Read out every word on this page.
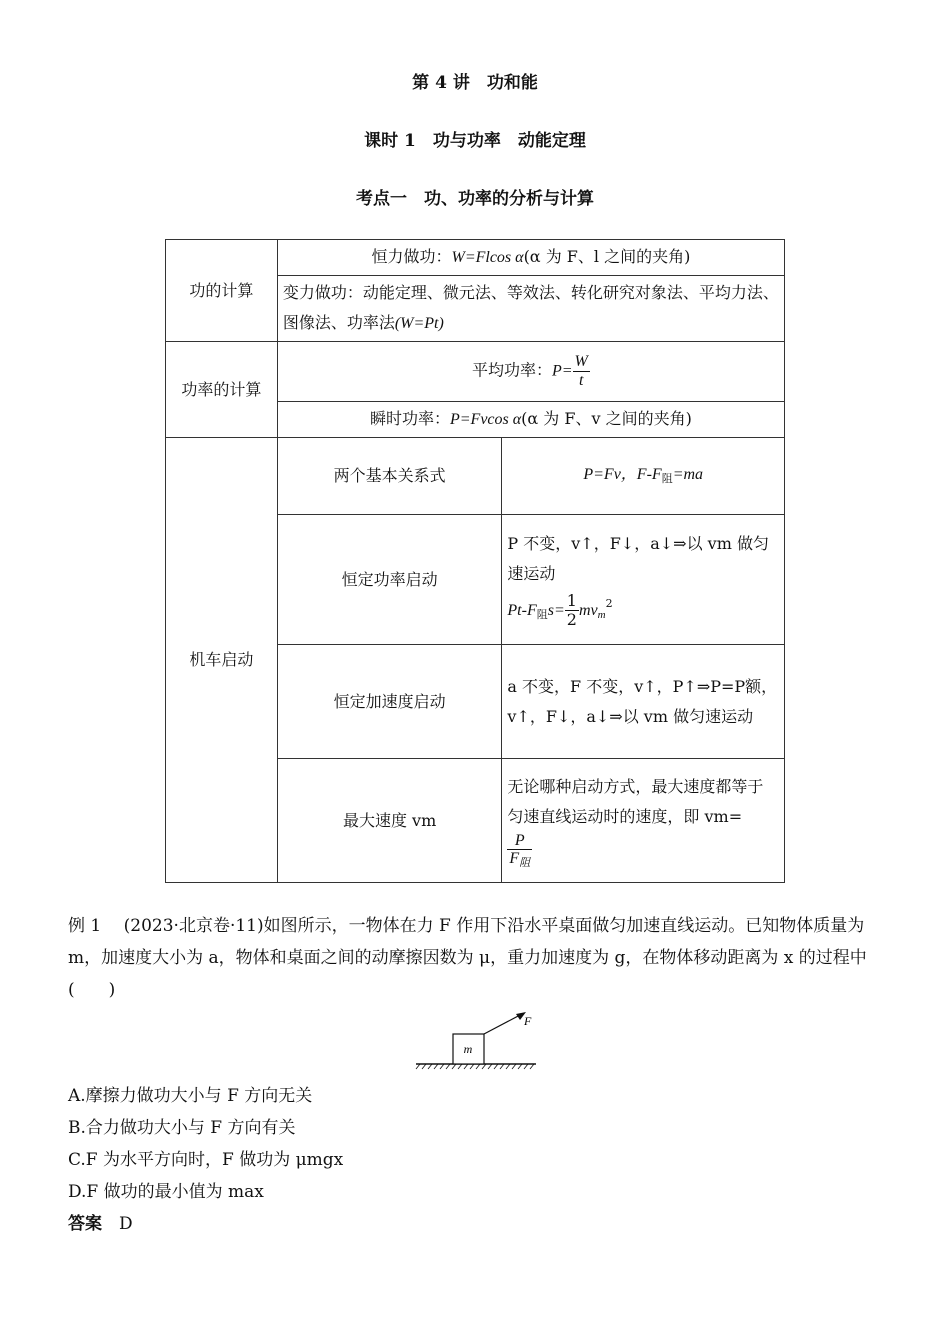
第 4 讲　功和能
课时 1　功与功率　动能定理
考点一　功、功率的分析与计算
功的计算	恒力做功：W=Flcos α(α 为 F、l 之间的夹角)	
	变力做功：动能定理、微元法、等效法、转化研究对象法、平均力法、图像法、功率法(W=Pt)	
功率的计算	平均功率：$P= \frac{W}{t}$

	瞬时功率：P=Fvcos α(α 为 F、v 之间的夹角)	
机车启动	两个基本关系式	P=Fv，$F-F_阻=ma$
	恒定功率启动	P 不变，v↑，F↓，a↓⇒以 vm 做匀速运动
$Pt-F_阻s= \frac{1}{2} mv_m^2$

	恒定加速度启动	a 不变，F 不变，v↑，P↑⇒P=P额，v↑，F↓，a↓⇒以 vm 做匀速运动
	最大速度 vm	无论哪种启动方式，最大速度都等于匀速直线运动时的速度，即 vm=

$\frac{P}{F_阻}$
例 1　 (2023·北京卷·11)如图所示，一物体在力 F 作用下沿水平桌面做匀加速直线运动。已知物体质量为 m，加速度大小为 a，物体和桌面之间的动摩擦因数为 μ，重力加速度为 g，在物体移动距离为 x 的过程中(　　)
m
F
A.摩擦力做功大小与 F 方向无关
B.合力做功大小与 F 方向有关
C.F 为水平方向时，F 做功为 μmgx
D.F 做功的最小值为 max
答案　 D
